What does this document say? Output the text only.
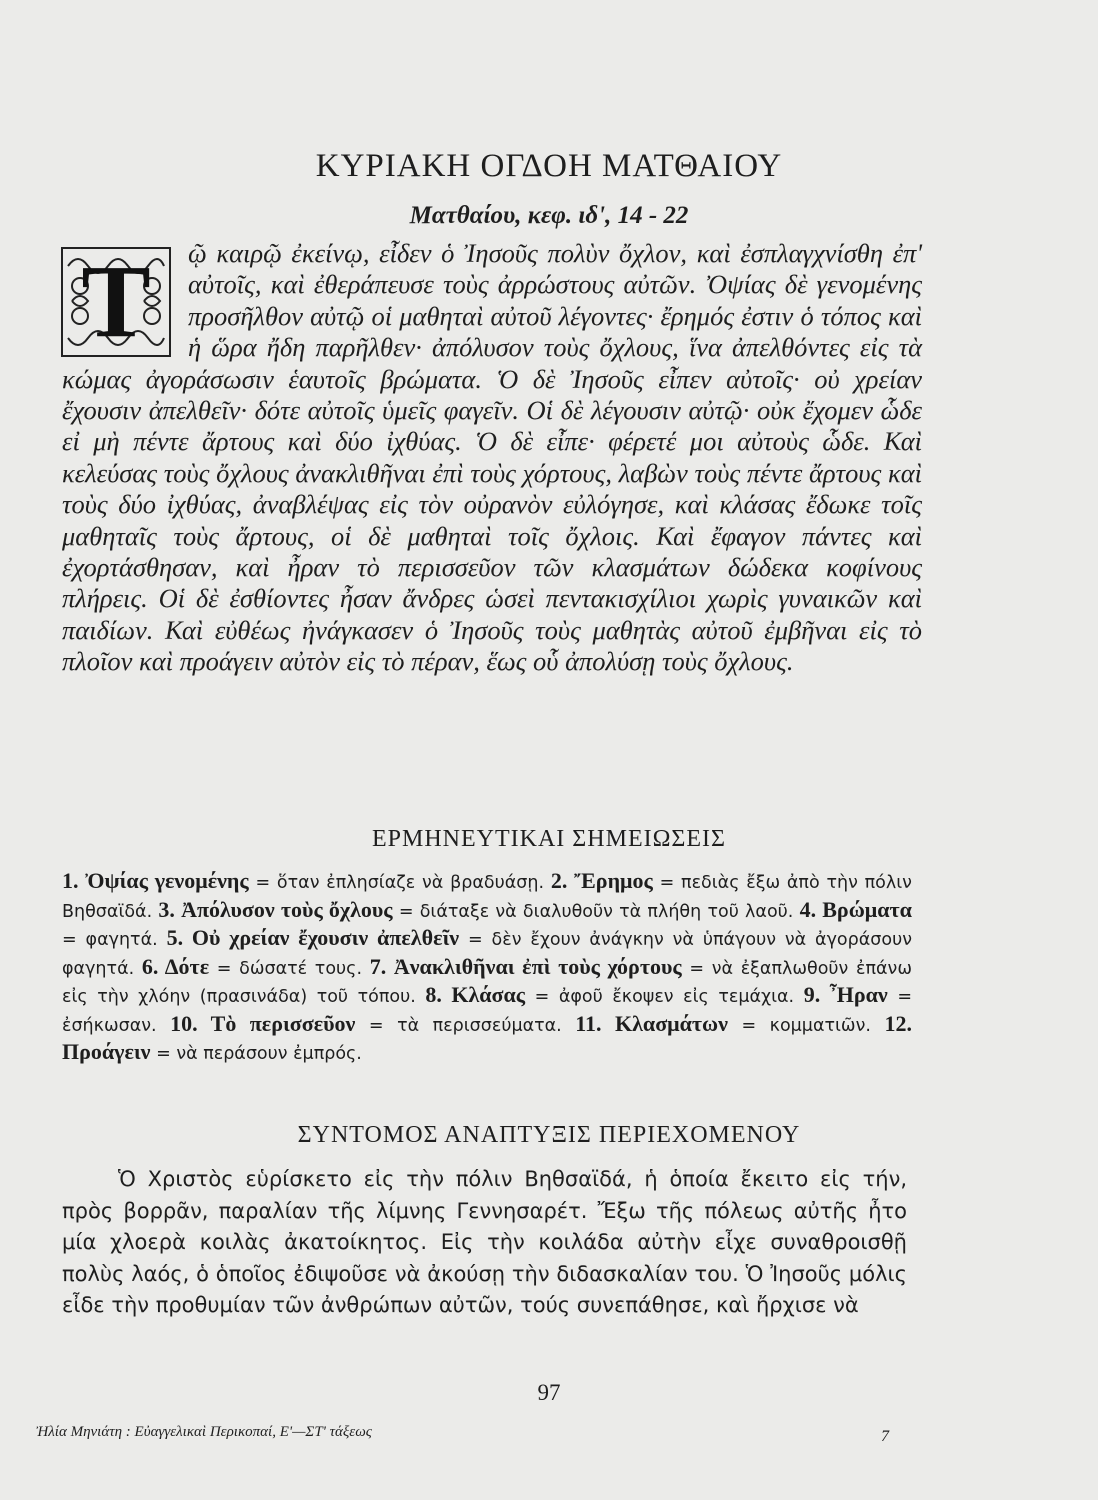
ΚΥΡΙΑΚΗ ΟΓΔΟΗ ΜΑΤΘΑΙΟΥ
Ματθαίου, κεφ. ιδ', 14 - 22
Τ	ῷ καιρῷ ἐκείνῳ, εἶδεν ὁ Ἰησοῦς πολὺν ὄχλον, καὶ ἐσπλαγχνίσθη ἐπ' αὐτοῖς, καὶ ἐθεράπευσε τοὺς ἀρρώστους αὐτῶν. Ὀψίας δὲ γενομένης προσῆλθον αὐτῷ οἱ μαθηταὶ αὐτοῦ λέγοντες· ἔρημός ἐστιν ὁ τόπος καὶ ἡ ὥρα ἤδη παρῆλθεν· ἀπόλυσον τοὺς ὄχλους, ἵνα ἀπελθόντες εἰς τὰ κώμας ἀγοράσωσιν ἑαυτοῖς βρώματα. Ὁ δὲ Ἰησοῦς εἶπεν αὐτοῖς· οὐ χρείαν ἔχουσιν ἀπελθεῖν· δότε αὐτοῖς ὑμεῖς φαγεῖν. Οἱ δὲ λέγουσιν αὐτῷ· οὐκ ἔχομεν ὧδε εἰ μὴ πέντε ἄρτους καὶ δύο ἰχθύας. Ὁ δὲ εἶπε· φέρετέ μοι αὐτοὺς ὧδε. Καὶ κελεύσας τοὺς ὄχλους ἀνακλιθῆναι ἐπὶ τοὺς χόρτους, λαβὼν τοὺς πέντε ἄρτους καὶ τοὺς δύο ἰχθύας, ἀναβλέψας εἰς τὸν οὐρανὸν εὐλόγησε, καὶ κλάσας ἔδωκε τοῖς μαθηταῖς τοὺς ἄρτους, οἱ δὲ μαθηταὶ τοῖς ὄχλοις. Καὶ ἔφαγον πάντες καὶ ἐχορτάσθησαν, καὶ ἦραν τὸ περισσεῦον τῶν κλασμάτων δώδεκα κοφίνους πλήρεις. Οἱ δὲ ἐσθίοντες ἦσαν ἄνδρες ὡσεὶ πεντακισχίλιοι χωρὶς γυναικῶν καὶ παιδίων. Καὶ εὐθέως ἠνάγκασεν ὁ Ἰησοῦς τοὺς μαθητὰς αὐτοῦ ἐμβῆναι εἰς τὸ πλοῖον καὶ προάγειν αὐτὸν εἰς τὸ πέραν, ἕως οὗ ἀπολύσῃ τοὺς ὄχλους.
ΕΡΜΗΝΕΥΤΙΚΑΙ ΣΗΜΕΙΩΣΕΙΣ
1. Ὀψίας γενομένης = ὅταν ἐπλησίαζε νὰ βραδυάσῃ. 2. Ἔρημος = πεδιὰς ἔξω ἀπὸ τὴν πόλιν Βηθσαϊδά. 3. Ἀπόλυσον τοὺς ὄχλους = διάταξε νὰ διαλυθοῦν τὰ πλήθη τοῦ λαοῦ. 4. Βρώματα = φαγητά. 5. Οὐ χρείαν ἔχουσιν ἀπελθεῖν = δὲν ἔχουν ἀνάγκην νὰ ὑπάγουν νὰ ἀγοράσουν φαγητά. 6. Δότε = δώσατέ τους. 7. Ἀνακλιθῆναι ἐπὶ τοὺς χόρτους = νὰ ἐξαπλωθοῦν ἐπάνω εἰς τὴν χλόην (πρασινάδα) τοῦ τόπου. 8. Κλάσας = ἀφοῦ ἔκοψεν εἰς τεμάχια. 9. Ἦραν = ἐσήκωσαν. 10. Τὸ περισσεῦον = τὰ περισσεύματα. 11. Κλασμάτων = κομματιῶν. 12. Προάγειν = νὰ περάσουν ἐμπρός.
ΣΥΝΤΟΜΟΣ ΑΝΑΠΤΥΞΙΣ ΠΕΡΙΕΧΟΜΕΝΟΥ
Ὁ Χριστὸς εὑρίσκετο εἰς τὴν πόλιν Βηθσαϊδά, ἡ ὁποία ἔκειτο εἰς τήν, πρὸς βορρᾶν, παραλίαν τῆς λίμνης Γεννησαρέτ. Ἔξω τῆς πόλεως αὐτῆς ἦτο μία χλοερὰ κοιλὰς ἀκατοίκητος. Εἰς τὴν κοιλάδα αὐτὴν εἶχε συναθροισθῇ πολὺς λαός, ὁ ὁποῖος ἐδιψοῦσε νὰ ἀκούσῃ τὴν διδασκαλίαν του. Ὁ Ἰησοῦς μόλις εἶδε τὴν προθυμίαν τῶν ἀνθρώπων αὐτῶν, τούς συνεπάθησε, καὶ ἤρχισε νὰ
97
Ἠλία Μηνιάτη : Εὐαγγελικαὶ Περικοπαί, Ε'—ΣΤ' τάξεως	7
